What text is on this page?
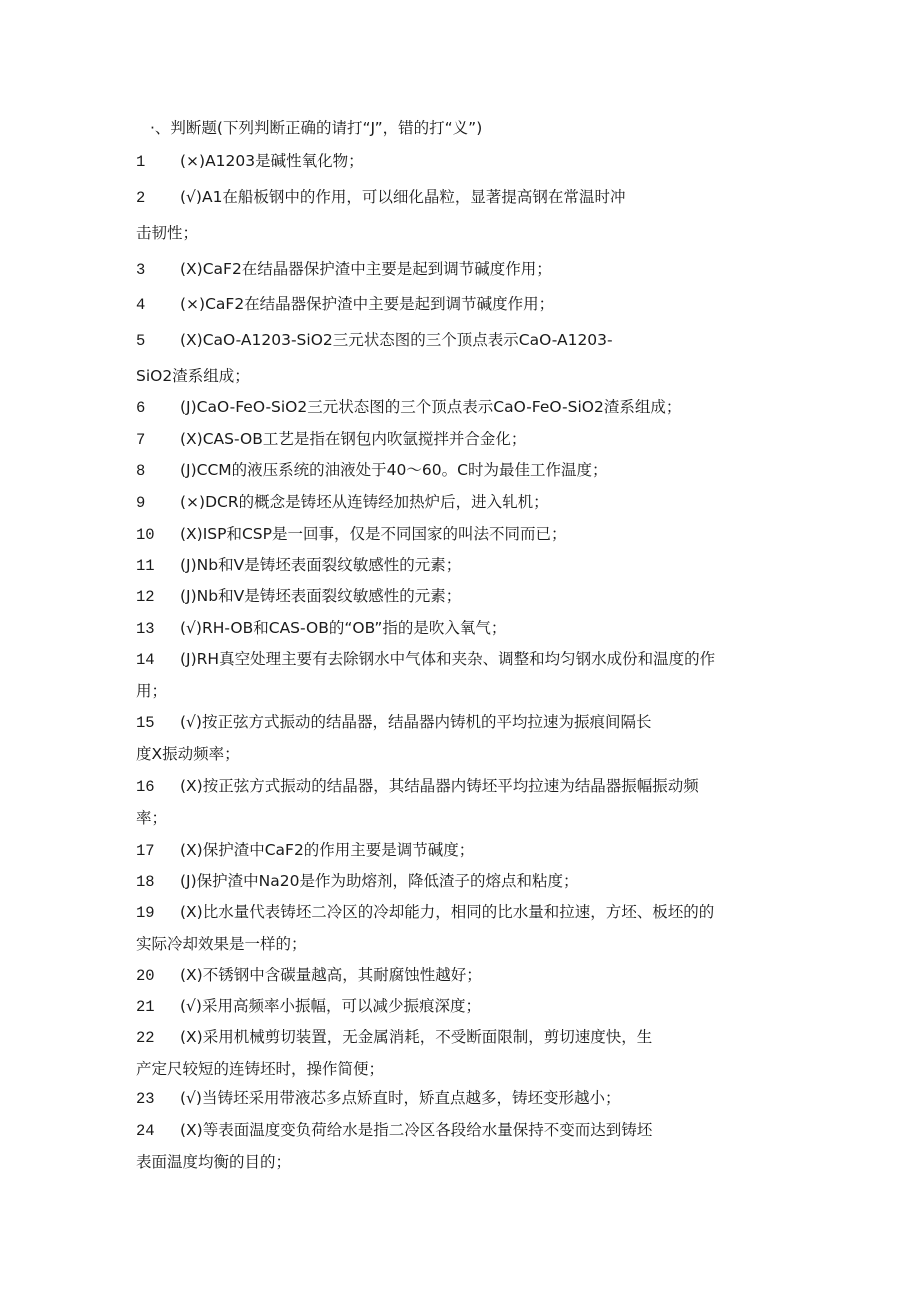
·、判断题(下列判断正确的请打“J”，错的打“义”)
1 (×)A1203是碱性氧化物；
2 (√)A1在船板钢中的作用，可以细化晶粒，显著提高钢在常温时冲
击韧性；
3 (X)CaF2在结晶器保护渣中主要是起到调节碱度作用；
4 (×)CaF2在结晶器保护渣中主要是起到调节碱度作用；
5 (X)CaO-A1203-SiO2三元状态图的三个顶点表示CaO-A1203-
SiO2渣系组成；
6 (J)CaO-FeO-SiO2三元状态图的三个顶点表示CaO-FeO-SiO2渣系组成；
7 (X)CAS-OB工艺是指在钢包内吹氩搅拌并合金化；
8 (J)CCM的液压系统的油液处于40～60。C时为最佳工作温度；
9 (×)DCR的概念是铸坯从连铸经加热炉后，进入轧机；
10 (X)ISP和CSP是一回事，仅是不同国家的叫法不同而已；
11 (J)Nb和V是铸坯表面裂纹敏感性的元素；
12 (J)Nb和V是铸坯表面裂纹敏感性的元素；
13 (√)RH-OB和CAS-OB的“OB”指的是吹入氧气；
14 (J)RH真空处理主要有去除钢水中气体和夹杂、调整和均匀钢水成份和温度的作
用；
15 (√)按正弦方式振动的结晶器，结晶器内铸机的平均拉速为振痕间隔长
度X振动频率；
16 (X)按正弦方式振动的结晶器，其结晶器内铸坯平均拉速为结晶器振幅振动频
率；
17 (X)保护渣中CaF2的作用主要是调节碱度；
18 (J)保护渣中Na20是作为助熔剂，降低渣子的熔点和粘度；
19 (X)比水量代表铸坯二冷区的冷却能力，相同的比水量和拉速，方坯、板坯的的
实际冷却效果是一样的；
20 (X)不锈钢中含碳量越高，其耐腐蚀性越好；
21 (√)采用高频率小振幅，可以减少振痕深度；
22 (X)采用机械剪切装置，无金属消耗，不受断面限制，剪切速度快，生
产定尺较短的连铸坯时，操作简便；
23 (√)当铸坯采用带液芯多点矫直时，矫直点越多，铸坯变形越小；
24 (X)等表面温度变负荷给水是指二冷区各段给水量保持不变而达到铸坯
表面温度均衡的目的；
